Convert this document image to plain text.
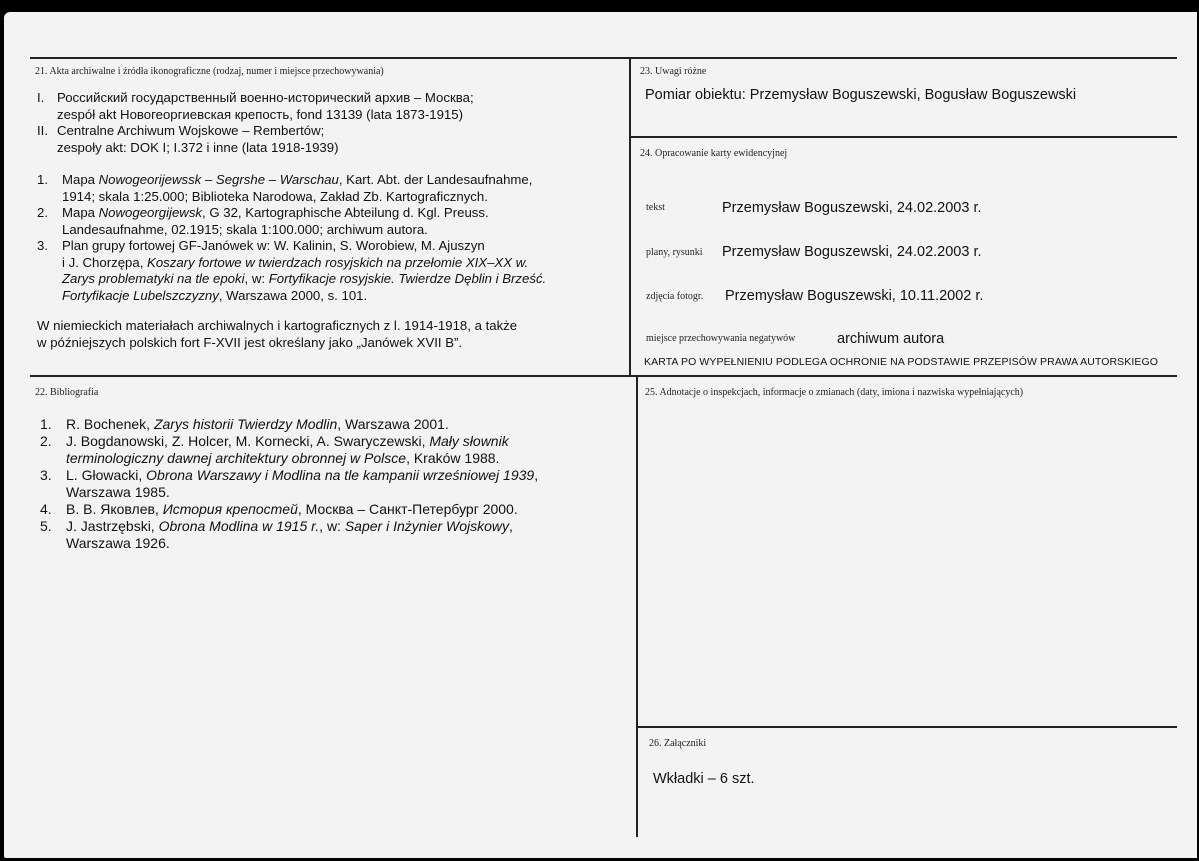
21. Akta archiwalne i źródła ikonograficzne (rodzaj, numer i miejsce przechowywania)
I. Российский государственный военно-исторический архив – Москва;
zespół akt Новогеоргиевская крепость, fond 13139 (lata 1873-1915)
II. Centralne Archiwum Wojskowe – Rembertów;
zespoły akt: DOK I; I.372 i inne (lata 1918-1939)
1. Mapa Nowogeorijewssk – Segrshe – Warschau, Kart. Abt. der Landesaufnahme,
1914; skala 1:25.000; Biblioteka Narodowa, Zakład Zb. Kartograficznych.
2. Mapa Nowogeorgijewsk, G 32, Kartographische Abteilung d. Kgl. Preuss.
Landesaufnahme, 02.1915; skala 1:100.000; archiwum autora.
3. Plan grupy fortowej GF-Janówek w: W. Kalinin, S. Worobiew, M. Ajuszyn
i J. Chorzępa, Koszary fortowe w twierdzach rosyjskich na przełomie XIX–XX w.
Zarys problematyki na tle epoki, w: Fortyfikacje rosyjskie. Twierdze Dęblin i Brześć.
Fortyfikacje Lubelszczyzny, Warszawa 2000, s. 101.
W niemieckich materiałach archiwalnych i kartograficznych z l. 1914-1918, a także
w późniejszych polskich fort F-XVII jest określany jako „Janówek XVII B”.
23. Uwagi różne
Pomiar obiektu: Przemysław Boguszewski, Bogusław Boguszewski
24. Opracowanie karty ewidencyjnej
tekst	Przemysław Boguszewski, 24.02.2003 r.
plany, rysunki Przemysław Boguszewski, 24.02.2003 r.
zdjęcia fotogr. Przemysław Boguszewski, 10.11.2002 r.
miejsce przechowywania negatywów	archiwum autora
KARTA PO WYPEŁNIENIU PODLEGA OCHRONIE NA PODSTAWIE PRZEPISÓW PRAWA AUTORSKIEGO
22. Bibliografia
1. R. Bochenek, Zarys historii Twierdzy Modlin, Warszawa 2001.
2. J. Bogdanowski, Z. Holcer, M. Kornecki, A. Swaryczewski, Mały słownik
terminologiczny dawnej architektury obronnej w Polsce, Kraków 1988.
3. L. Głowacki, Obrona Warszawy i Modlina na tle kampanii wrześniowej 1939,
Warszawa 1985.
4. В. В. Яковлев, История крепостей, Москва – Санкт-Петербург 2000.
5. J. Jastrzębski, Obrona Modlina w 1915 r., w: Saper i Inżynier Wojskowy,
Warszawa 1926.
25. Adnotacje o inspekcjach, informacje o zmianach (daty, imiona i nazwiska wypełniających)
26. Załączniki
Wkładki – 6 szt.
